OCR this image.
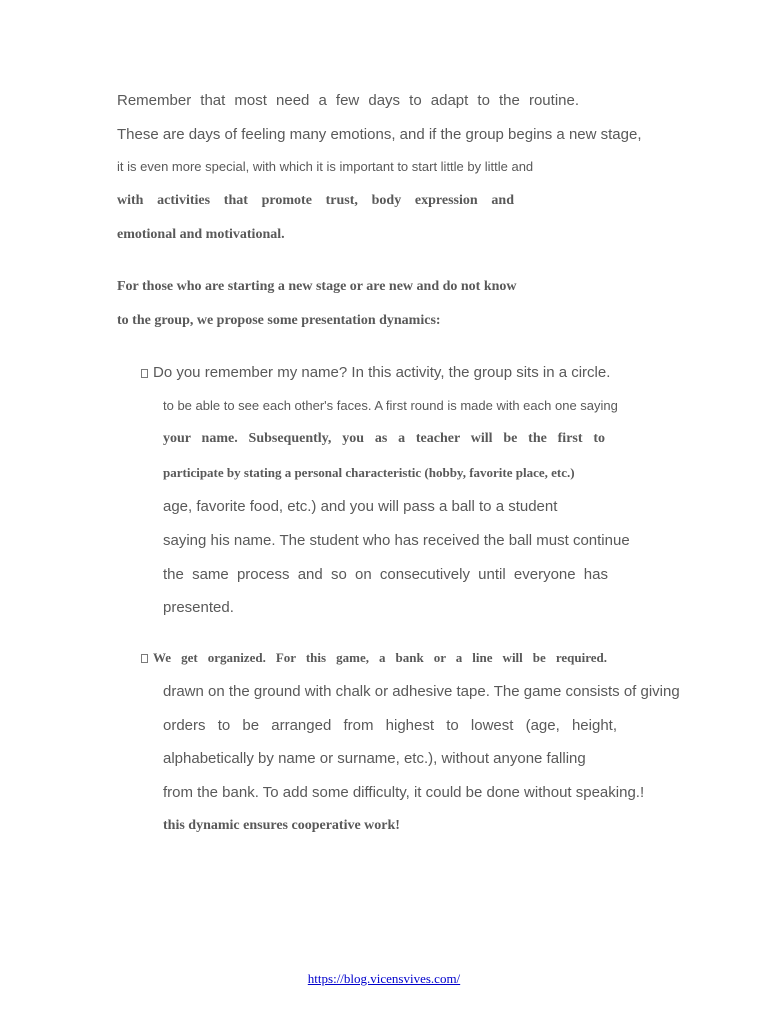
Remember that most need a few days to adapt to the routine.
These are days of feeling many emotions, and if the group begins a new stage,
it is even more special, with which it is important to start little by little and
with activities that promote trust, body expression and
emotional and motivational.
For those who are starting a new stage or are new and do not know
to the group, we propose some presentation dynamics:
Do you remember my name? In this activity, the group sits in a circle.
to be able to see each other's faces. A first round is made with each one saying
your name. Subsequently, you as a teacher will be the first to
participate by stating a personal characteristic (hobby, favorite place, etc.)
age, favorite food, etc.) and you will pass a ball to a student
saying his name. The student who has received the ball must continue
the same process and so on consecutively until everyone has
presented.
We get organized. For this game, a bank or a line will be required.
drawn on the ground with chalk or adhesive tape. The game consists of giving
orders to be arranged from highest to lowest (age, height,
alphabetically by name or surname, etc.), without anyone falling
from the bank. To add some difficulty, it could be done without speaking.!
this dynamic ensures cooperative work!
https://blog.vicensvives.com/
